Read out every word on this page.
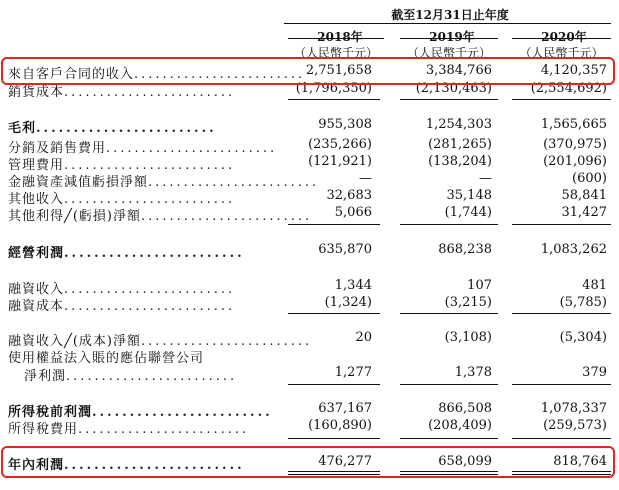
截至12月31日止年度
2018年	2019年	2020年
（人民幣千元）	（人民幣千元）	（人民幣千元）
來自客戶合同的收入........................ 2,751,658	3,384,766	4,120,357
銷貨成本........................	(1,796,350)	(2,130,463)	(2,554,692)
毛利........................	955,308	1,254,303	1,565,665
分銷及銷售費用........................	(235,266)	(281,265)	(370,975)
管理費用........................	(121,921)	(138,204)	(201,096)
金融資產減值虧損淨額........................	—	—	(600)
其他收入........................	32,683	35,148	58,841
其他利得╱(虧損)淨額........................	5,066	(1,744)	31,427
經營利潤........................	635,870	868,238	1,083,262
融資收入........................	1,344	107	481
融資成本........................	(1,324)	(3,215)	(5,785)
融資收入╱(成本)淨額........................	20	(3,108)	(5,304)
使用權益法入賬的應佔聯營公司
淨利潤........................	1,277	1,378	379
所得稅前利潤........................	637,167	866,508	1,078,337
所得稅費用........................	(160,890)	(208,409)	(259,573)
年內利潤........................	476,277	658,099	818,764
